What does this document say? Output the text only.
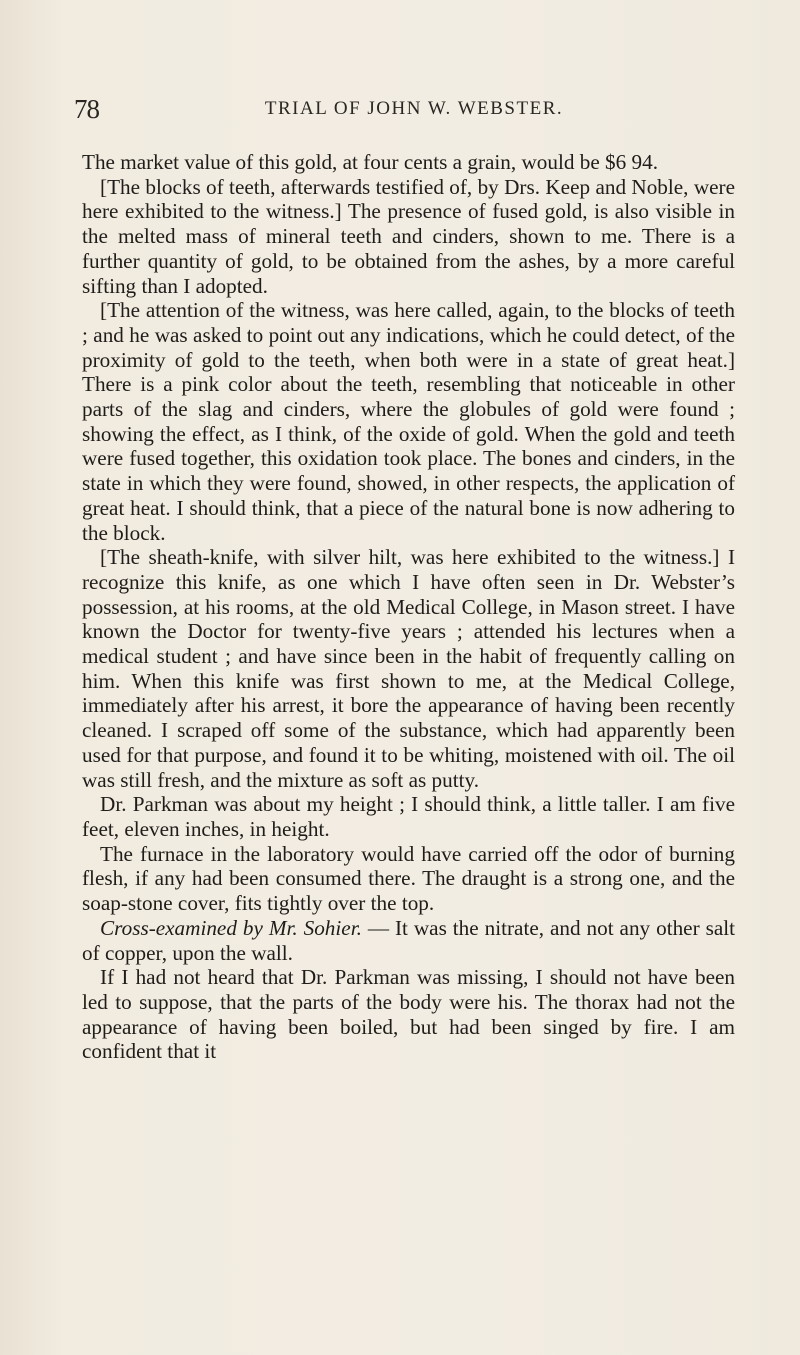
78	TRIAL OF JOHN W. WEBSTER.

The market value of this gold, at four cents a grain, would be $6 94.

[The blocks of teeth, afterwards testified of, by Drs. Keep and Noble, were here exhibited to the witness.] The presence of fused gold, is also visible in the melted mass of mineral teeth and cinders, shown to me. There is a further quantity of gold, to be obtained from the ashes, by a more careful sifting than I adopted.

[The attention of the witness, was here called, again, to the blocks of teeth ; and he was asked to point out any indications, which he could detect, of the proximity of gold to the teeth, when both were in a state of great heat.] There is a pink color about the teeth, resembling that noticeable in other parts of the slag and cinders, where the globules of gold were found ; showing the effect, as I think, of the oxide of gold. When the gold and teeth were fused together, this oxidation took place. The bones and cinders, in the state in which they were found, showed, in other respects, the application of great heat. I should think, that a piece of the natural bone is now adhering to the block.

[The sheath-knife, with silver hilt, was here exhibited to the witness.] I recognize this knife, as one which I have often seen in Dr. Webster’s possession, at his rooms, at the old Medical College, in Mason street. I have known the Doctor for twenty-five years ; attended his lectures when a medical student ; and have since been in the habit of frequently calling on him. When this knife was first shown to me, at the Medical College, immediately after his arrest, it bore the appearance of having been recently cleaned. I scraped off some of the substance, which had apparently been used for that purpose, and found it to be whiting, moistened with oil. The oil was still fresh, and the mixture as soft as putty.

Dr. Parkman was about my height ; I should think, a little taller. I am five feet, eleven inches, in height.

The furnace in the laboratory would have carried off the odor of burning flesh, if any had been consumed there. The draught is a strong one, and the soap-stone cover, fits tightly over the top.

Cross-examined by Mr. Sohier. — It was the nitrate, and not any other salt of copper, upon the wall.

If I had not heard that Dr. Parkman was missing, I should not have been led to suppose, that the parts of the body were his. The thorax had not the appearance of having been boiled, but had been singed by fire. I am confident that it
